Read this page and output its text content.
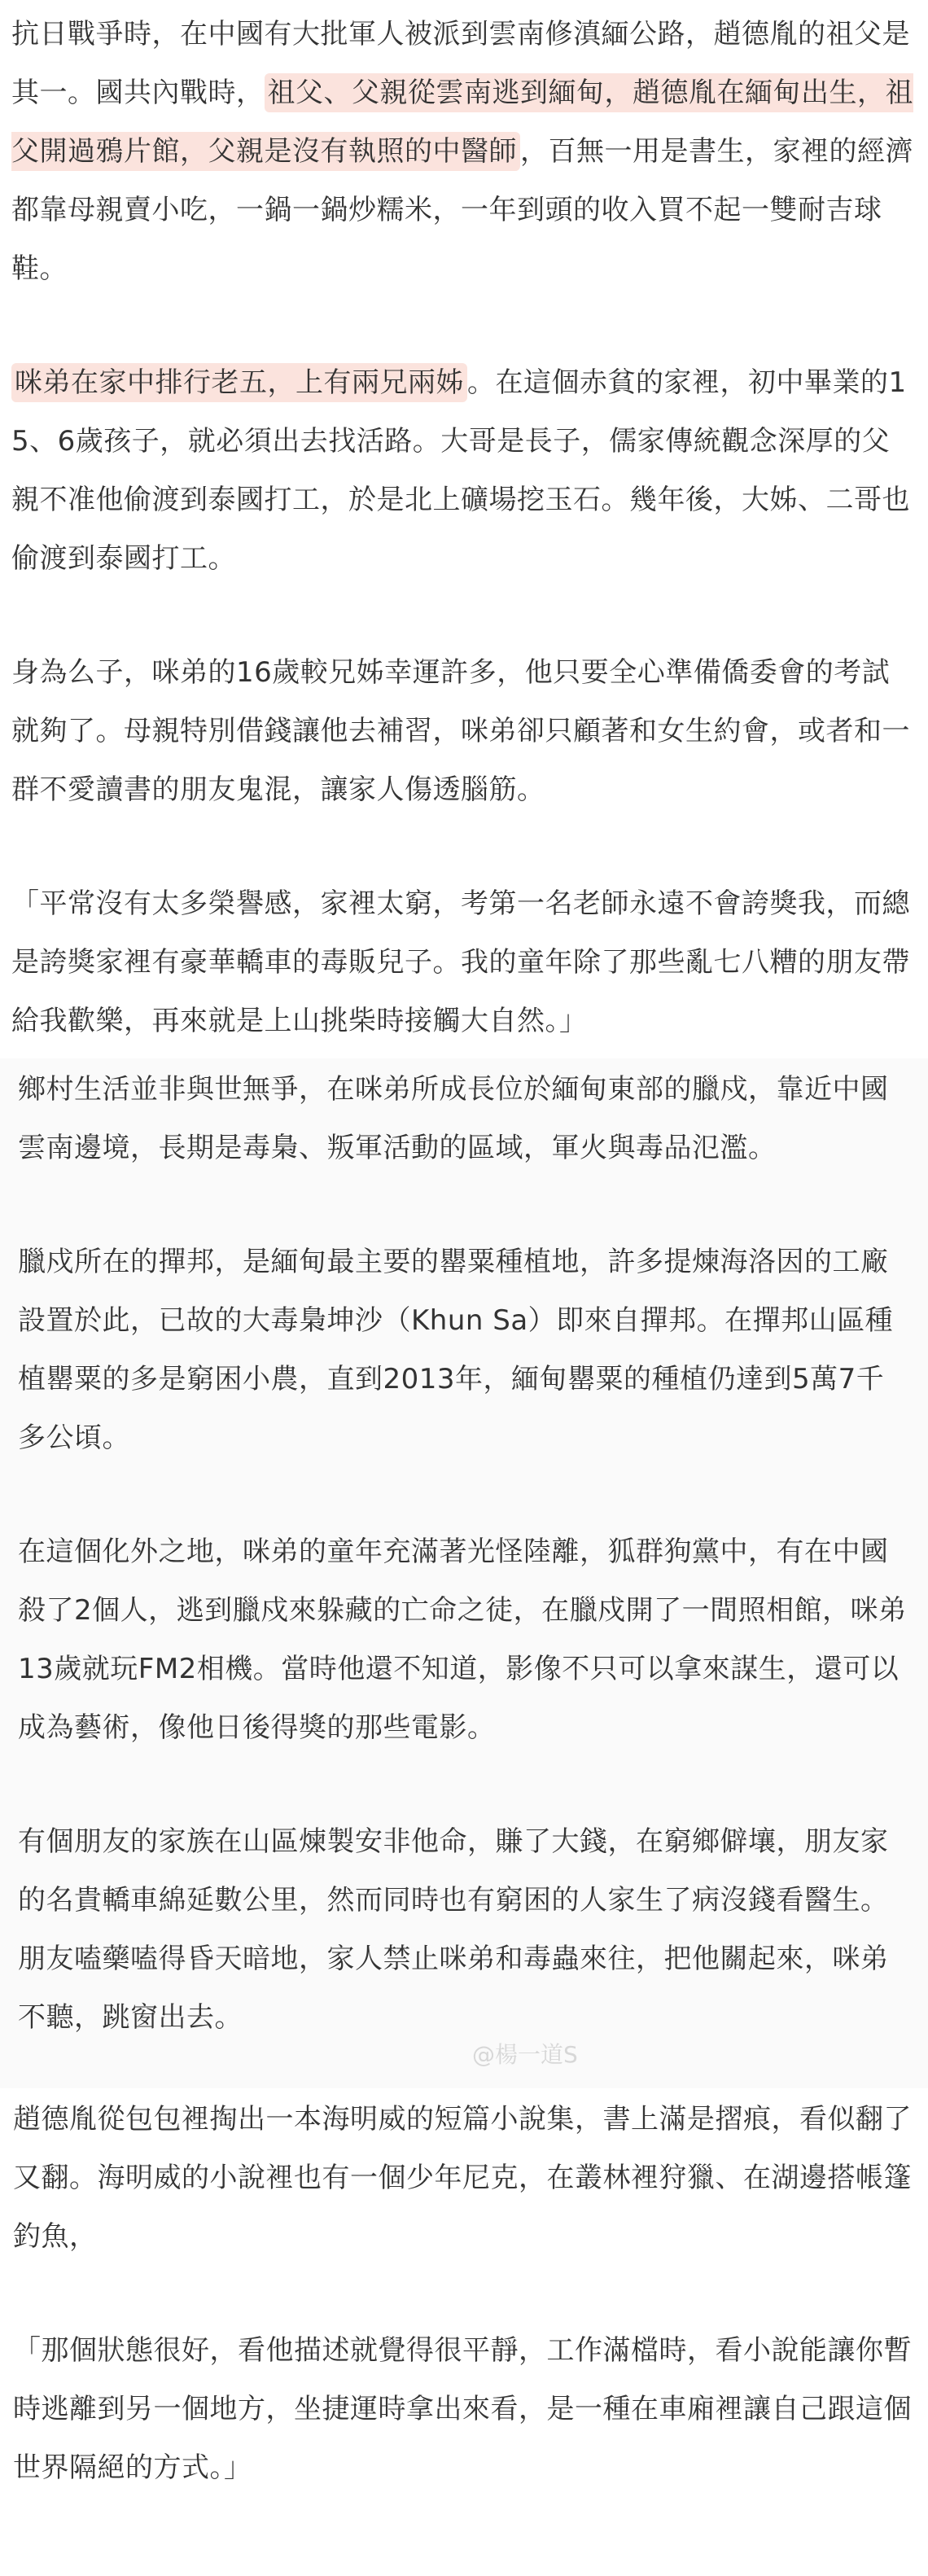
抗日戰爭時，在中國有大批軍人被派到雲南修滇緬公路，趙德胤的祖父是其一。國共內戰時， 祖父、父親從雲南逃到緬甸，趙德胤在緬甸出生，祖父開過鴉片館，父親是沒有執照的中醫師 ，百無一用是書生，家裡的經濟都靠母親賣小吃，一鍋一鍋炒糯米，一年到頭的收入買不起一雙耐吉球鞋。

咪弟在家中排行老五，上有兩兄兩姊 。在這個赤貧的家裡，初中畢業的15、6歲孩子，就必須出去找活路。大哥是長子，儒家傳統觀念深厚的父親不准他偷渡到泰國打工，於是北上礦場挖玉石。幾年後，大姊、二哥也偷渡到泰國打工。

身為么子，咪弟的16歲較兄姊幸運許多，他只要全心準備僑委會的考試就夠了。母親特別借錢讓他去補習，咪弟卻只顧著和女生約會，或者和一群不愛讀書的朋友鬼混，讓家人傷透腦筋。

「平常沒有太多榮譽感，家裡太窮，考第一名老師永遠不會誇獎我，而總是誇獎家裡有豪華轎車的毒販兒子。我的童年除了那些亂七八糟的朋友帶給我歡樂，再來就是上山挑柴時接觸大自然。」

鄉村生活並非與世無爭，在咪弟所成長位於緬甸東部的臘戍，靠近中國雲南邊境，長期是毒梟、叛軍活動的區域，軍火與毒品氾濫。

臘戍所在的撣邦，是緬甸最主要的罌粟種植地，許多提煉海洛因的工廠設置於此，已故的大毒梟坤沙（Khun Sa）即來自撣邦。在撣邦山區種植罌粟的多是窮困小農，直到2013年，緬甸罌粟的種植仍達到5萬7千多公頃。

在這個化外之地，咪弟的童年充滿著光怪陸離，狐群狗黨中，有在中國殺了2個人，逃到臘戍來躲藏的亡命之徒，在臘戍開了一間照相館，咪弟13歲就玩FM2相機。當時他還不知道，影像不只可以拿來謀生，還可以成為藝術，像他日後得獎的那些電影。

有個朋友的家族在山區煉製安非他命，賺了大錢，在窮鄉僻壤，朋友家的名貴轎車綿延數公里，然而同時也有窮困的人家生了病沒錢看醫生。朋友嗑藥嗑得昏天暗地，家人禁止咪弟和毒蟲來往，把他關起來，咪弟不聽，跳窗出去。

趙德胤從包包裡掏出一本海明威的短篇小說集，書上滿是摺痕，看似翻了又翻。海明威的小說裡也有一個少年尼克，在叢林裡狩獵、在湖邊搭帳篷釣魚，

「那個狀態很好，看他描述就覺得很平靜，工作滿檔時，看小說能讓你暫時逃離到另一個地方，坐捷運時拿出來看，是一種在車廂裡讓自己跟這個世界隔絕的方式。」

@楊一道S
